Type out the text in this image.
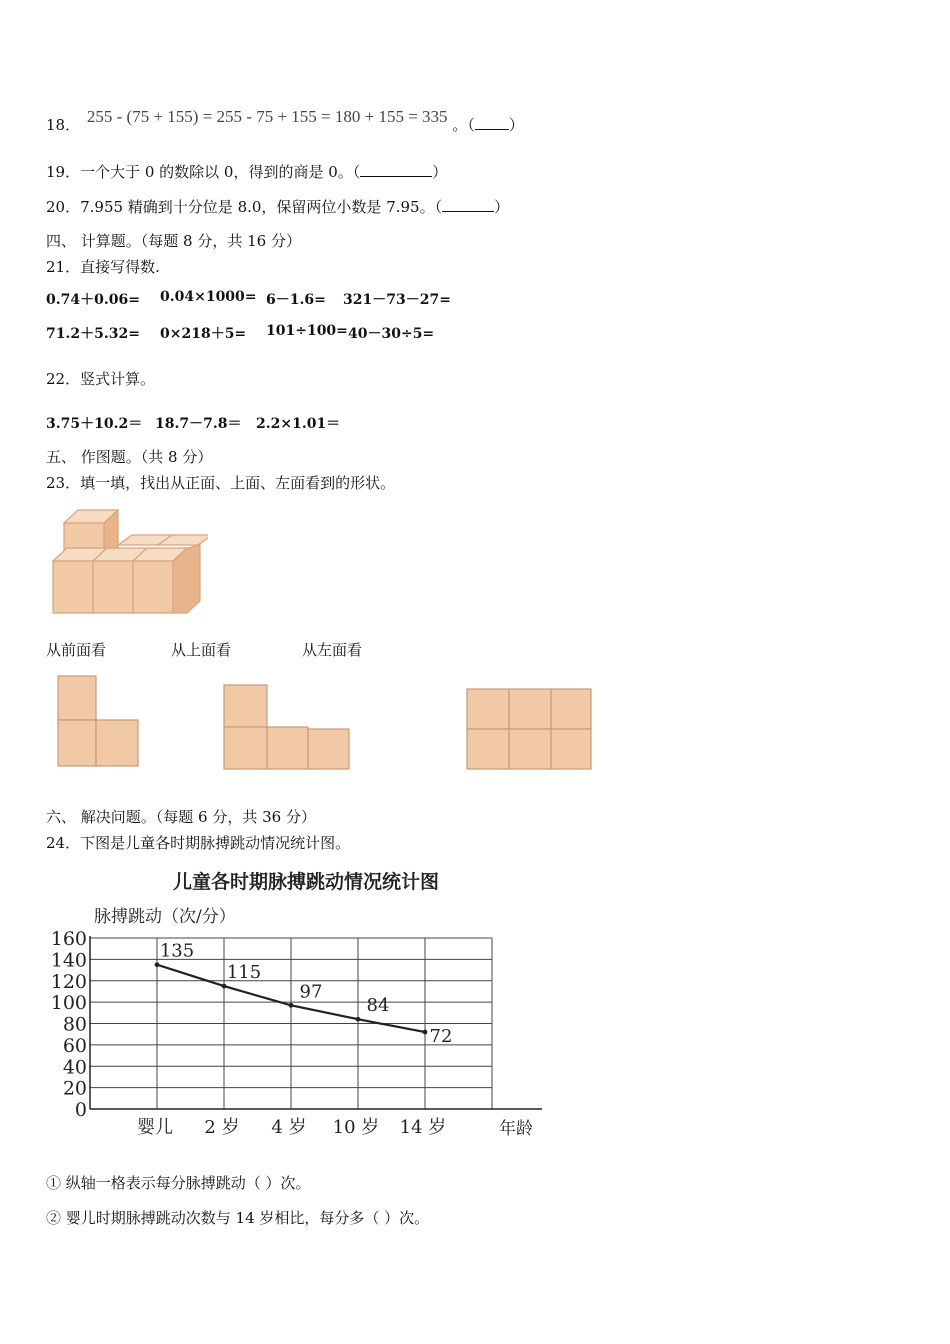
18． 255 - (75 + 155) = 255 - 75 + 155 = 180 + 155 = 335 。（ ）
19．一个大于 0 的数除以 0，得到的商是 0。（	）
20．7.955 精确到十分位是 8.0，保留两位小数是 7.95。（	）
四、 计算题。（每题 8 分，共 16 分）
21．直接写得数.
0.74＋0.06= 0.04×1000= 6－1.6= 321－73－27=
71.2＋5.32= 0×218＋5= 101÷100= 40－30÷5=
22．竖式计算。
3.75＋10.2＝ 18.7－7.8＝ 2.2×1.01＝
五、 作图题。（共 8 分）
23．填一填，找出从正面、上面、左面看到的形状。
从前面看	从上面看	从左面看
六、 解决问题。（每题 6 分，共 36 分）
24．下图是儿童各时期脉搏跳动情况统计图。
儿童各时期脉搏跳动情况统计图
脉搏跳动（次/分）
年龄
0
20
40
60
80
100
120
140
160
婴儿 2 岁 4 岁 10 岁 14 岁
135
115
97
84
72
① 纵轴一格表示每分脉搏跳动（ ）次。
② 婴儿时期脉搏跳动次数与 14 岁相比，每分多（ ）次。
